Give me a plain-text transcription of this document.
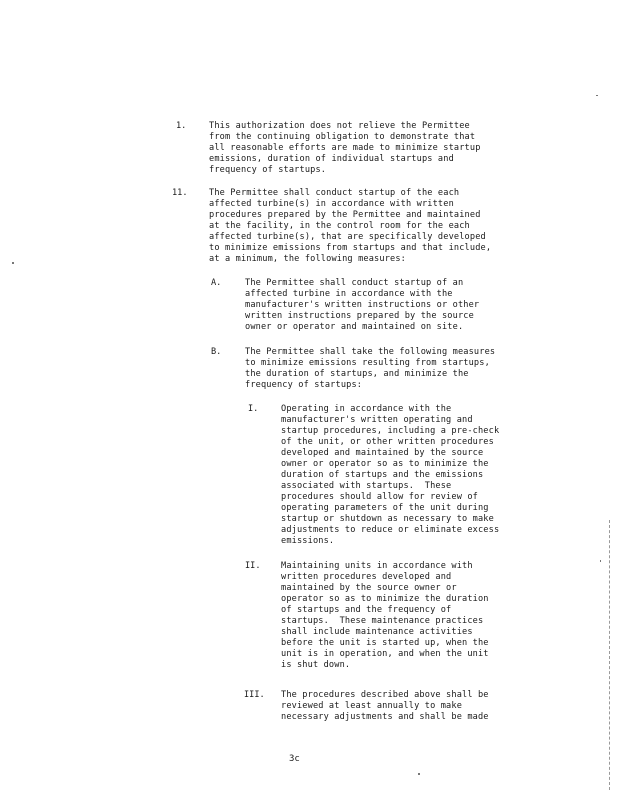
1.	This authorization does not relieve the Permittee
from the continuing obligation to demonstrate that
all reasonable efforts are made to minimize startup
emissions, duration of individual startups and
frequency of startups.
11. The Permittee shall conduct startup of the each
affected turbine(s) in accordance with written
procedures prepared by the Permittee and maintained
at the facility, in the control room for the each
affected turbine(s), that are specifically developed
to minimize emissions from startups and that include,
at a minimum, the following measures:
A.	The Permittee shall conduct startup of an
affected turbine in accordance with the
manufacturer's written instructions or other
written instructions prepared by the source
owner or operator and maintained on site.
B.	The Permittee shall take the following measures
to minimize emissions resulting from startups,
the duration of startups, and minimize the
frequency of startups:
I.	Operating in accordance with the
manufacturer's written operating and
startup procedures, including a pre-check
of the unit, or other written procedures
developed and maintained by the source
owner or operator so as to minimize the
duration of startups and the emissions
associated with startups.  These
procedures should allow for review of
operating parameters of the unit during
startup or shutdown as necessary to make
adjustments to reduce or eliminate excess
emissions.
II. Maintaining units in accordance with
written procedures developed and
maintained by the source owner or
operator so as to minimize the duration
of startups and the frequency of
startups.  These maintenance practices
shall include maintenance activities
before the unit is started up, when the
unit is in operation, and when the unit
is shut down.
III. The procedures described above shall be
reviewed at least annually to make
necessary adjustments and shall be made
3c
